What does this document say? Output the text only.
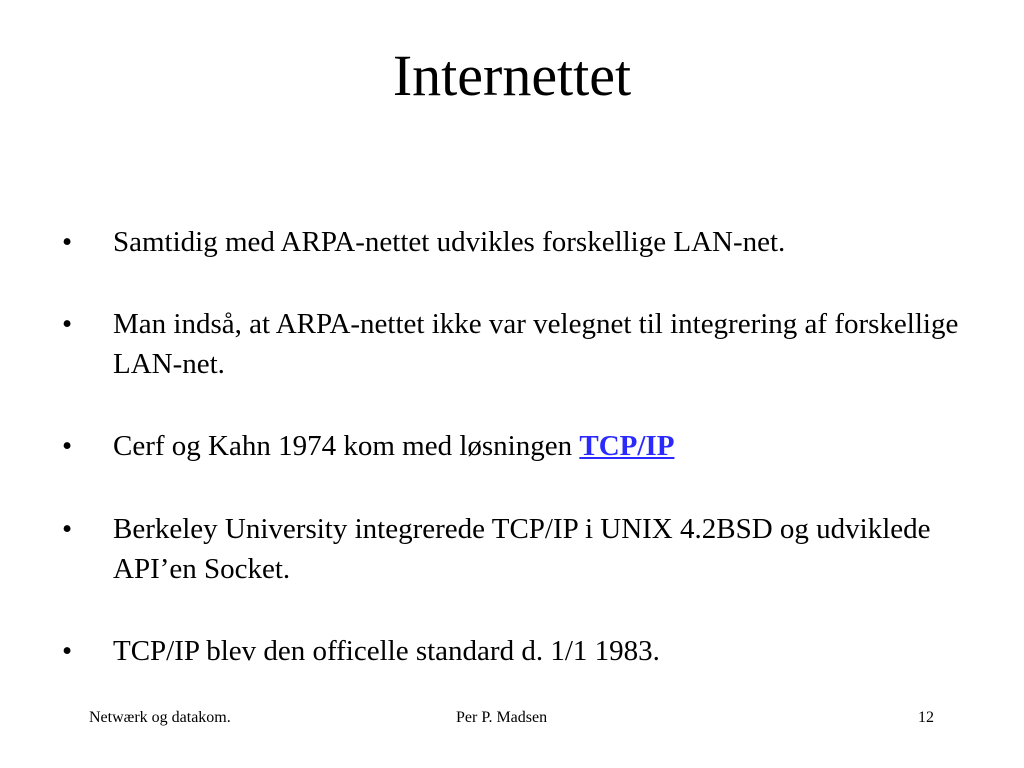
Internettet
•	Samtidig med ARPA-nettet udvikles forskellige LAN-net.
•	Man indså, at ARPA-nettet ikke var velegnet til integrering af forskellige LAN-net.
•	Cerf og Kahn 1974 kom med løsningen TCP/IP
•	Berkeley University integrerede TCP/IP i UNIX 4.2BSD og udviklede API’en Socket.
•	TCP/IP blev den officelle standard d. 1/1 1983.
Netwærk og datakom.	Per P. Madsen	12
